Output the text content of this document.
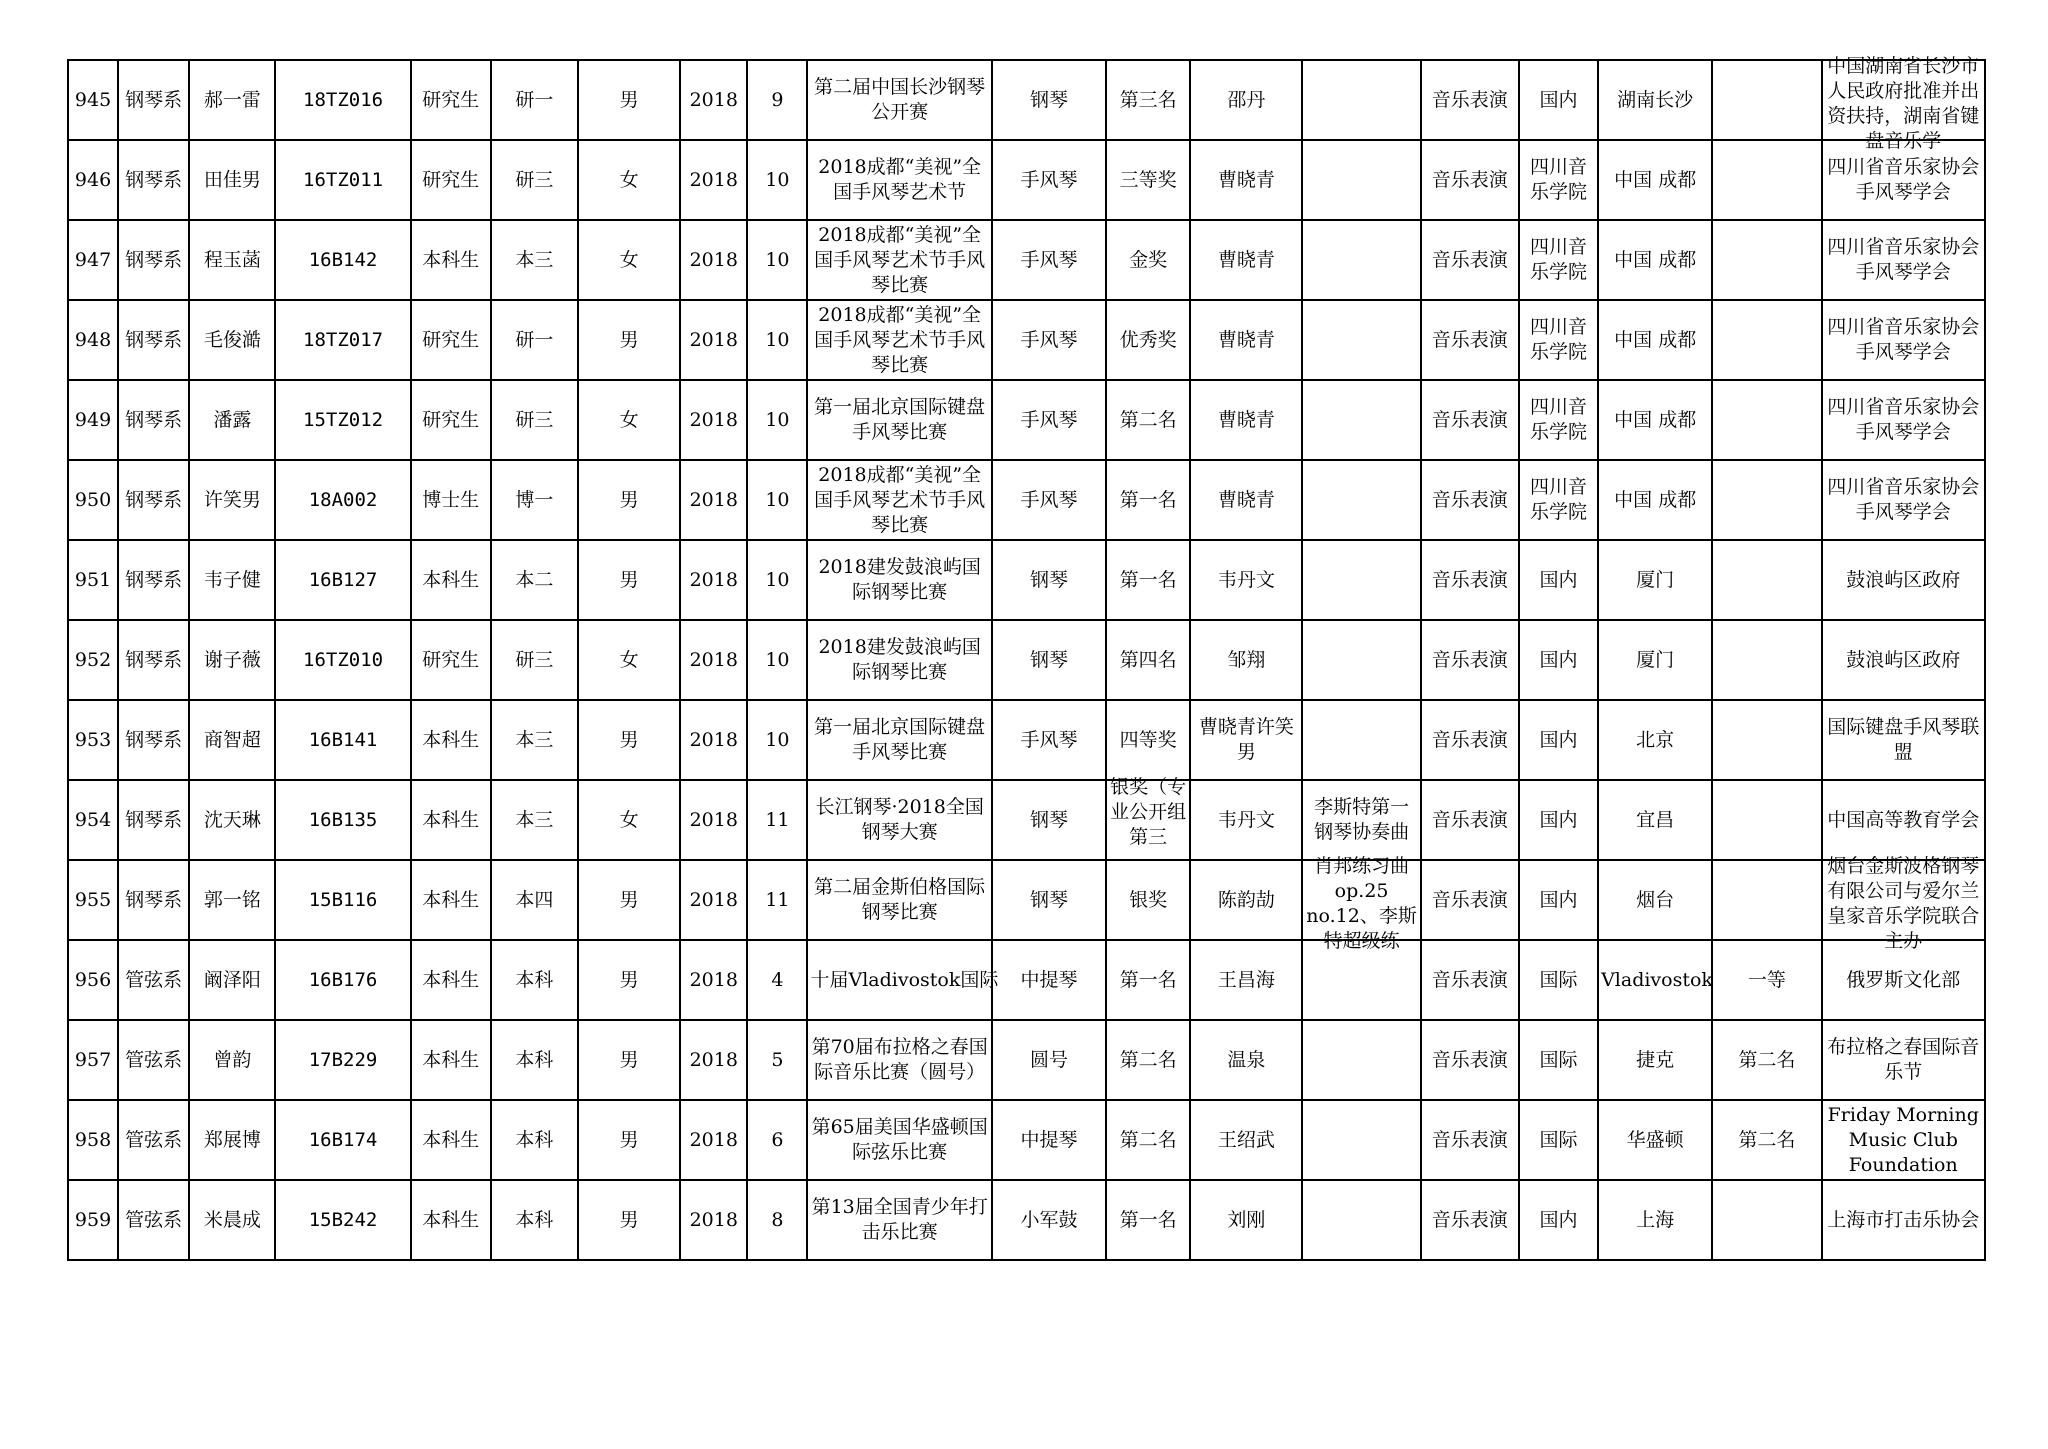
945	钢琴系	郝一雷	18TZ016	研究生	研一	男	2018	9	第二届中国长沙钢琴公开赛	钢琴	第三名	邵丹		音乐表演	国内	湖南长沙		中国湖南省长沙市人民政府批准并出资扶持，湖南省键盘音乐学

946	钢琴系	田佳男	16TZ011	研究生	研三	女	2018	10	2018成都“美视”全国手风琴艺术节	手风琴	三等奖	曹晓青		音乐表演	四川音乐学院	中国 成都		四川省音乐家协会手风琴学会

947	钢琴系	程玉菡	16B142	本科生	本三	女	2018	10	2018成都“美视”全国手风琴艺术节手风琴比赛	手风琴	金奖	曹晓青		音乐表演	四川音乐学院	中国 成都		四川省音乐家协会手风琴学会

948	钢琴系	毛俊澔	18TZ017	研究生	研一	男	2018	10	2018成都“美视”全国手风琴艺术节手风琴比赛	手风琴	优秀奖	曹晓青		音乐表演	四川音乐学院	中国 成都		四川省音乐家协会手风琴学会

949	钢琴系	潘露	15TZ012	研究生	研三	女	2018	10	第一届北京国际键盘手风琴比赛	手风琴	第二名	曹晓青		音乐表演	四川音乐学院	中国 成都		四川省音乐家协会手风琴学会

950	钢琴系	许笑男	18A002	博士生	博一	男	2018	10	2018成都“美视”全国手风琴艺术节手风琴比赛	手风琴	第一名	曹晓青		音乐表演	四川音乐学院	中国 成都		四川省音乐家协会手风琴学会

951	钢琴系	韦子健	16B127	本科生	本二	男	2018	10	2018建发鼓浪屿国际钢琴比赛	钢琴	第一名	韦丹文		音乐表演	国内	厦门		鼓浪屿区政府

952	钢琴系	谢子薇	16TZ010	研究生	研三	女	2018	10	2018建发鼓浪屿国际钢琴比赛	钢琴	第四名	邹翔		音乐表演	国内	厦门		鼓浪屿区政府

953	钢琴系	商智超	16B141	本科生	本三	男	2018	10	第一届北京国际键盘手风琴比赛	手风琴	四等奖	曹晓青许笑男		音乐表演	国内	北京		国际键盘手风琴联盟

954	钢琴系	沈天琳	16B135	本科生	本三	女	2018	11	长江钢琴·2018全国钢琴大赛	钢琴	银奖（专业公开组第三	韦丹文	李斯特第一钢琴协奏曲	音乐表演	国内	宜昌		中国高等教育学会

955	钢琴系	郭一铭	15B116	本科生	本四	男	2018	11	第二届金斯伯格国际钢琴比赛	钢琴	银奖	陈韵劼	肖邦练习曲op.25 no.12、李斯特超级练	音乐表演	国内	烟台		烟台金斯波格钢琴有限公司与爱尔兰皇家音乐学院联合主办

956	管弦系	阚泽阳	16B176	本科生	本科	男	2018	4	十届Vladivostok国际	中提琴	第一名	王昌海		音乐表演	国际	Vladivostok	一等	俄罗斯文化部

957	管弦系	曾韵	17B229	本科生	本科	男	2018	5	第70届布拉格之春国际音乐比赛（圆号）	圆号	第二名	温泉		音乐表演	国际	捷克	第二名	布拉格之春国际音乐节

958	管弦系	郑展博	16B174	本科生	本科	男	2018	6	第65届美国华盛顿国际弦乐比赛	中提琴	第二名	王绍武		音乐表演	国际	华盛顿	第二名	Friday Morning Music Club Foundation

959	管弦系	米晨成	15B242	本科生	本科	男	2018	8	第13届全国青少年打击乐比赛	小军鼓	第一名	刘刚		音乐表演	国内	上海		上海市打击乐协会
